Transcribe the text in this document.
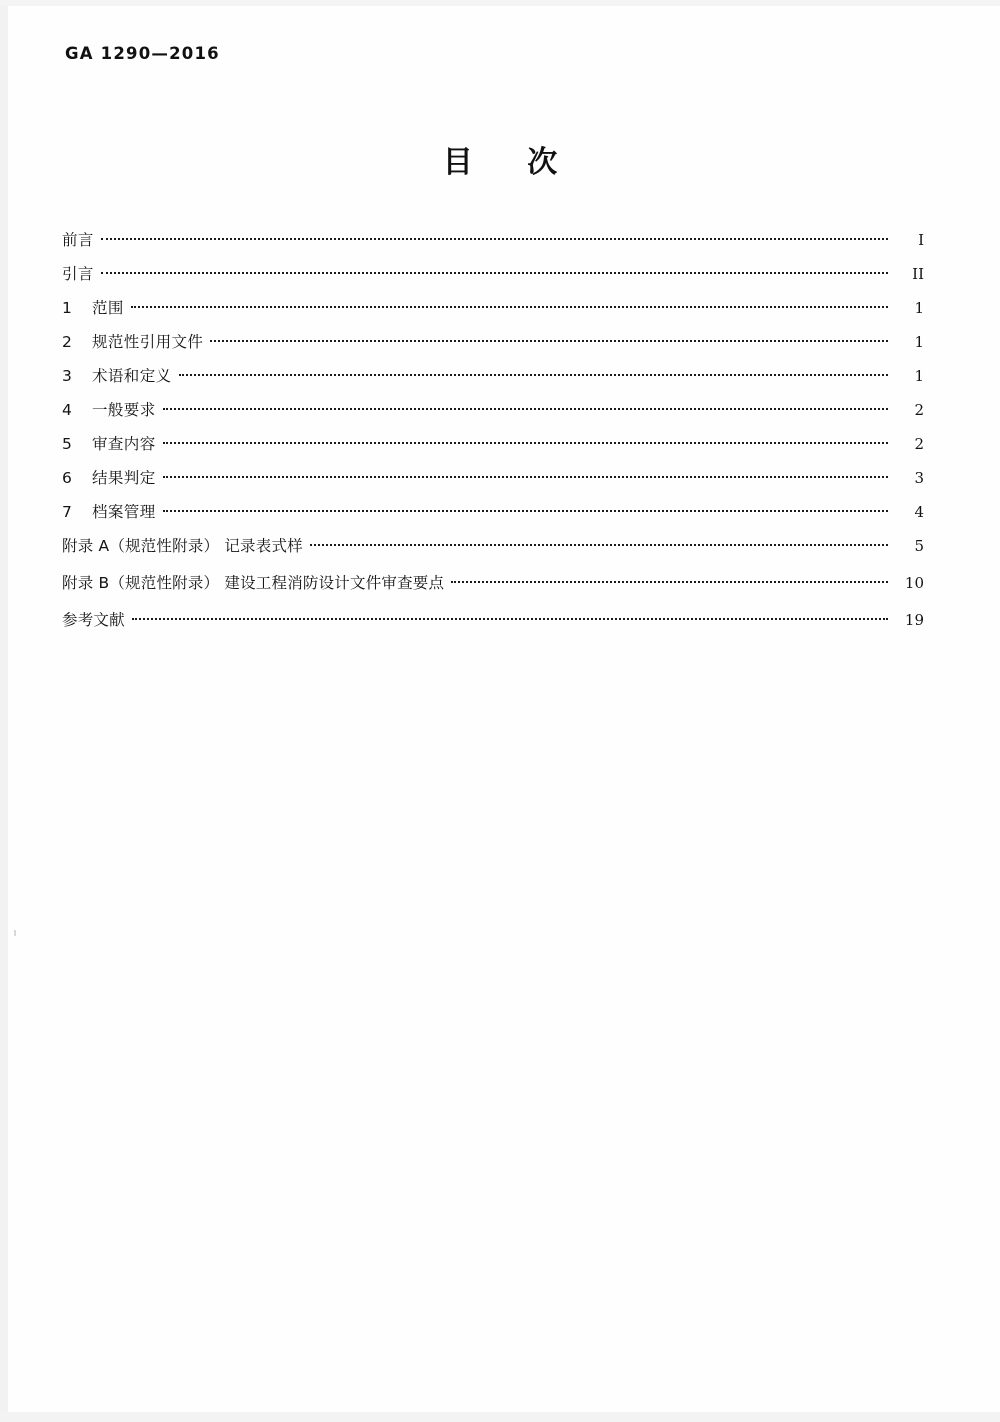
GA 1290—2016
目 次
前言	I
引言	II
1	范围	1
2	规范性引用文件	1
3	术语和定义	1
4	一般要求	2
5	审查内容	2
6	结果判定	3
7	档案管理	4
附录 A（规范性附录） 记录表式样	5
附录 B（规范性附录） 建设工程消防设计文件审查要点	10
参考文献	19
